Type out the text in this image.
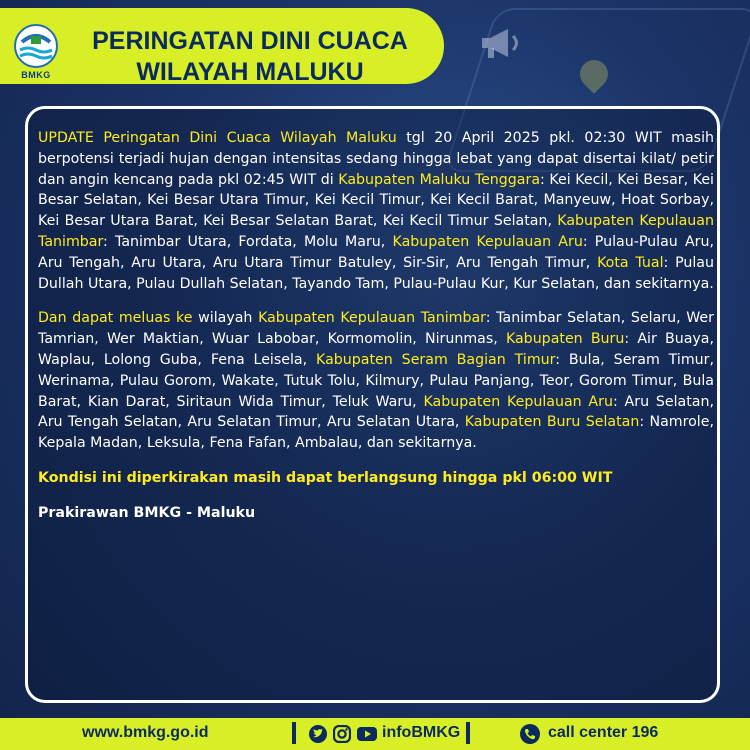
BMKG
PERINGATAN DINI CUACA
WILAYAH MALUKU

UPDATE Peringatan Dini Cuaca Wilayah Maluku tgl 20 April 2025 pkl. 02:30 WIT masih berpotensi terjadi hujan dengan intensitas sedang hingga lebat yang dapat disertai kilat/ petir dan angin kencang pada pkl 02:45 WIT di Kabupaten Maluku Tenggara: Kei Kecil, Kei Besar, Kei Besar Selatan, Kei Besar Utara Timur, Kei Kecil Timur, Kei Kecil Barat, Manyeuw, Hoat Sorbay, Kei Besar Utara Barat, Kei Besar Selatan Barat, Kei Kecil Timur Selatan, Kabupaten Kepulauan Tanimbar: Tanimbar Utara, Fordata, Molu Maru, Kabupaten Kepulauan Aru: Pulau-Pulau Aru, Aru Tengah, Aru Utara, Aru Utara Timur Batuley, Sir-Sir, Aru Tengah Timur, Kota Tual: Pulau Dullah Utara, Pulau Dullah Selatan, Tayando Tam, Pulau-Pulau Kur, Kur Selatan, dan sekitarnya.

Dan dapat meluas ke wilayah Kabupaten Kepulauan Tanimbar: Tanimbar Selatan, Selaru, Wer Tamrian, Wer Maktian, Wuar Labobar, Kormomolin, Nirunmas, Kabupaten Buru: Air Buaya, Waplau, Lolong Guba, Fena Leisela, Kabupaten Seram Bagian Timur: Bula, Seram Timur, Werinama, Pulau Gorom, Wakate, Tutuk Tolu, Kilmury, Pulau Panjang, Teor, Gorom Timur, Bula Barat, Kian Darat, Siritaun Wida Timur, Teluk Waru, Kabupaten Kepulauan Aru: Aru Selatan, Aru Tengah Selatan, Aru Selatan Timur, Aru Selatan Utara, Kabupaten Buru Selatan: Namrole, Kepala Madan, Leksula, Fena Fafan, Ambalau, dan sekitarnya.

Kondisi ini diperkirakan masih dapat berlangsung hingga pkl 06:00 WIT

Prakirawan BMKG - Maluku

www.bmkg.go.id	infoBMKG	call center 196
